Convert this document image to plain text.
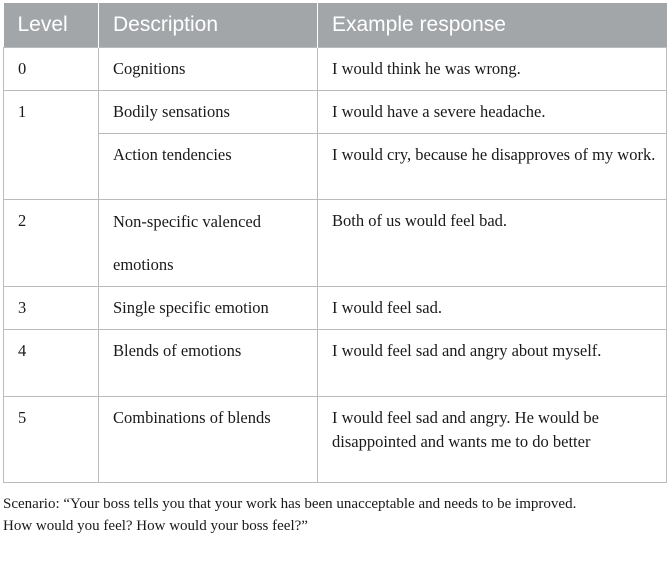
Level	Description	Example response
0	Cognitions	I would think he was wrong.
1	Bodily sensations	I would have a severe headache.
	Action tendencies	I would cry, because he disapproves of my work.
2	Non-specific valenced emotions	Both of us would feel bad.
3	Single specific emotion	I would feel sad.
4	Blends of emotions	I would feel sad and angry about myself.
5	Combinations of blends	I would feel sad and angry. He would be disappointed and wants me to do better

Scenario: “Your boss tells you that your work has been unacceptable and needs to be improved.

How would you feel? How would your boss feel?”
